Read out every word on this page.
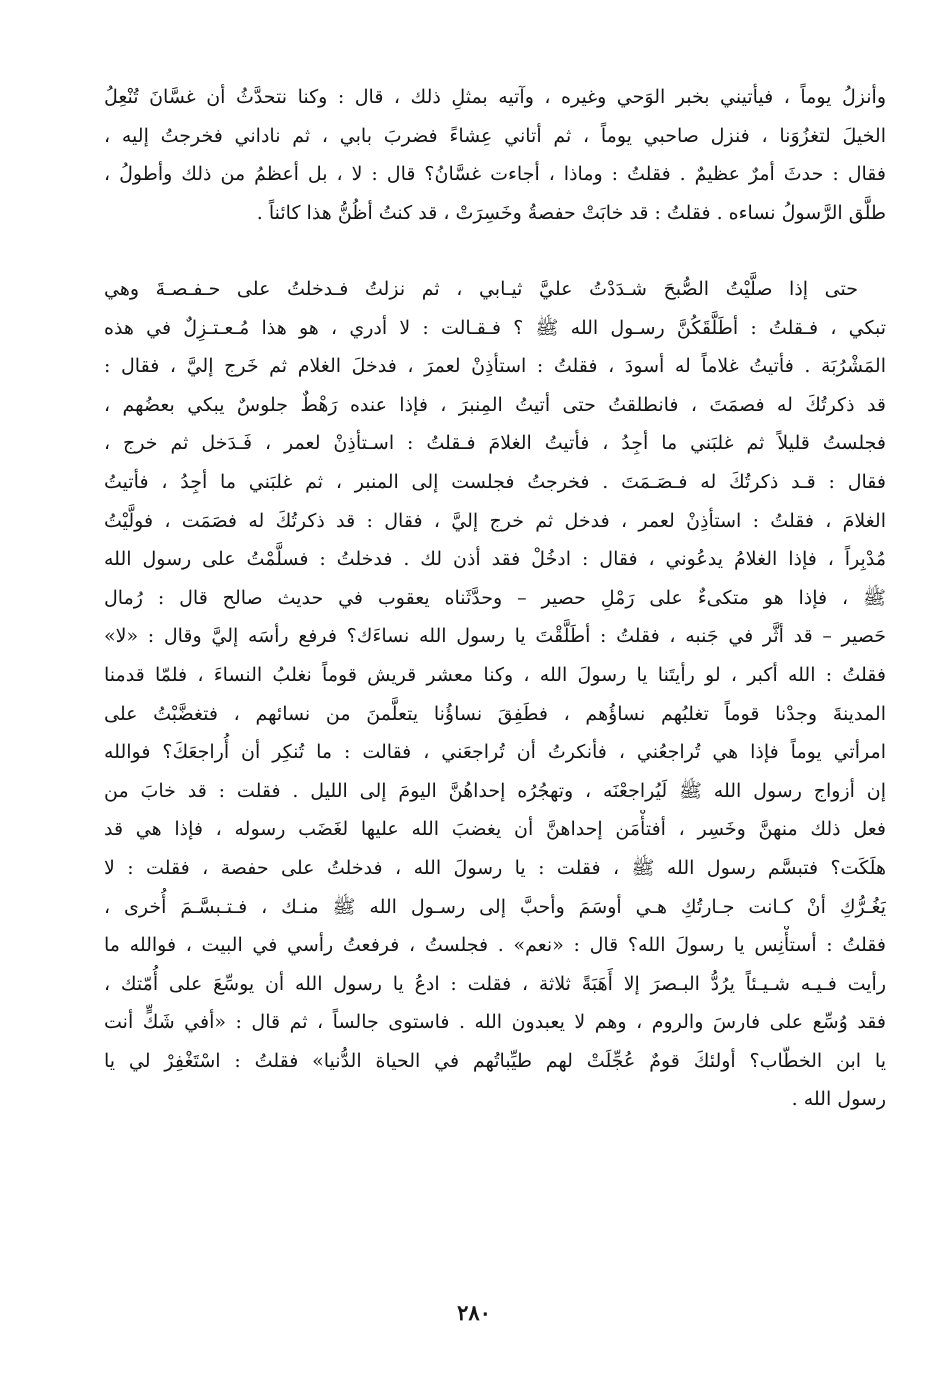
وأنزلُ يوماً ، فيأتيني بخبر الوَحي وغيره ، وآتيه بمثلِ ذلك ، قال : وكنا نتحدَّثُ أن غسَّانَ تُنْعِلُ
الخيلَ لتغزُوَنا ، فنزل صاحبي يوماً ، ثم أتاني عِشاءً فضربَ بابي ، ثم ناداني فخرجتُ إليه ،
فقال : حدثَ أمرٌ عظيمٌ . فقلتُ : وماذا ، أجاءت غسَّانُ؟ قال : لا ، بل أعظمُ من ذلك وأطولُ ،
طلَّق الرَّسولُ نساءه . فقلتُ : قد خابَتْ حفصةُ وخَسِرَتْ ، قد كنتُ أظُنُّ هذا كائناً .
حتى إذا صلَّيْتُ الصُّبحَ شـدَدْتُ عليَّ ثيـابي ، ثم نزلتُ فـدخلتُ على حـفـصـةَ وهي
تبكي ، فـقلتُ : أطَلَّقَكُنَّ رسـول الله ﷺ ؟ فـقـالت : لا أدري ، هو هذا مُـعـتـزِلٌ في هذه
المَشْرُبَة . فأتيتُ غلاماً له أسودَ ، فقلتُ : استأذِنْ لعمرَ ، فدخلَ الغلام ثم خَرج إليَّ ، فقال :
قد ذكرتُكَ له فصمَتَ ، فانطلقتُ حتى أتيتُ المِنبرَ ، فإذا عنده رَهْطٌ جلوسٌ يبكي بعضُهم ،
فجلستُ قليلاً ثم غلبَني ما أجِدُ ، فأتيتُ الغلامَ فـقلتُ : اسـتأذِنْ لعمر ، فَـدَخل ثم خرج ،
فقال : قـد ذكرتُكَ له فـصَـمَتَ . فخرجتُ فجلست إلى المنبر ، ثم غلبَني ما أجِدُ ، فأتيتُ
الغلامَ ، فقلتُ : استأذِنْ لعمر ، فدخل ثم خرج إليَّ ، فقال : قد ذكرتُكَ له فصَمَت ، فولَّيْتُ
مُدْبِراً ، فإذا الغلامُ يدعُوني ، فقال : ادخُلْ فقد أذن لك . فدخلتُ : فسلَّمْتُ على رسول الله
ﷺ ، فإذا هو متكىءٌ على رَمْلِ حصير – وحدَّثَناه يعقوب في حديث صالح قال : رُمال
حَصير – قد أثَّر في جَنبه ، فقلتُ : أطَلَّقْتَ يا رسول الله نساءَك؟ فرفع رأسَه إليَّ وقال : «لا»
فقلتُ : الله أكبر ، لو رأيتَنا يا رسولَ الله ، وكنا معشر قريش قوماً نغلبُ النساءَ ، فلمّا قدمنا
المدينةَ وجدْنا قوماً تغلبُهم نساؤُهم ، فطَفِقَ نساؤُنا يتعلَّمنَ من نسائهم ، فتغضَّبْتُ على
امرأتي يوماً فإذا هي تُراجعُني ، فأنكرتُ أن تُراجعَني ، فقالت : ما تُنكِر أن أُراجعَكَ؟ فوالله
إن أزواج رسول الله ﷺ لَيُراجعْنَه ، وتهجُرُه إحداهُنَّ اليومَ إلى الليل . فقلت : قد خابَ من
فعل ذلك منهنَّ وخَسِر ، أفتأْمَن إحداهنَّ أن يغضبَ الله عليها لغَضَب رسوله ، فإذا هي قد
هلَكَت؟ فتبسَّم رسول الله ﷺ ، فقلت : يا رسولَ الله ، فدخلتُ على حفصة ، فقلت : لا
يَغُـرُّكِ أنْ كـانت جـارتُكِ هـي أوسَمَ وأحبَّ إلى رسـول الله ﷺ منـك ، فـتـبسَّـمَ أُخرى ،
فقلتُ : أستأْنِس يا رسولَ الله؟ قال : «نعم» . فجلستُ ، فرفعتُ رأسي في البيت ، فوالله ما
رأيت فـيـه شـيـئاً يرُدُّ البـصرَ إلا أَهَبَةً ثلاثة ، فقلت : ادعُ يا رسول الله أن يوسِّعَ على أُمّتك ،
فقد وُسِّع على فارسَ والروم ، وهم لا يعبدون الله . فاستوى جالساً ، ثم قال : «أفي شَكٍّ أنت
يا ابن الخطّاب؟ أولئكَ قومٌ عُجِّلَتْ لهم طيِّباتُهم في الحياة الدُّنيا» فقلتُ : اسْتَغْفِرْ لي يا
رسول الله .
٢٨٠
